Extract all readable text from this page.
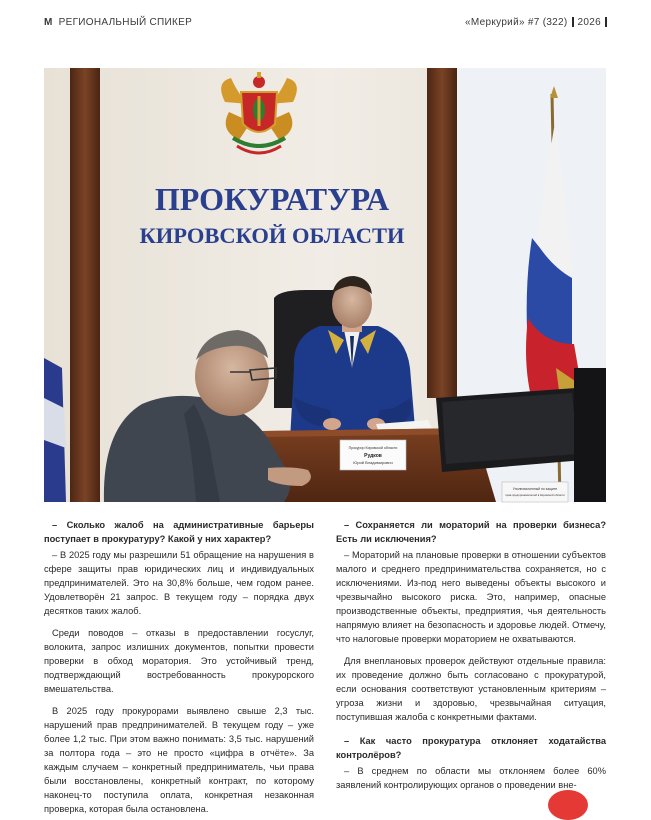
M РЕГИОНАЛЬНЫЙ СПИКЕР	«Меркурий» #7 (322) 2026
ПРОКУРАТУРА
КИРОВСКОЙ ОБЛАСТИ
Прокурор Кировской области
Рудков
Юрий Владимирович
Уполномоченный по защите
прав предпринимателей в Кировской области

– Сколько жалоб на административные барьеры поступает в прокуратуру? Какой у них характер?

– В 2025 году мы разрешили 51 обращение на нарушения в сфере защиты прав юридических лиц и индивидуальных предпринимателей. Это на 30,8% больше, чем годом ранее. Удовлетворён 21 запрос. В текущем году – порядка двух десятков таких жалоб.

Среди поводов – отказы в предоставлении госуслуг, волокита, запрос излишних документов, попытки провести проверки в обход моратория. Это устойчивый тренд, подтверждающий востребованность прокурорского вмешательства.

В 2025 году прокурорами выявлено свыше 2,3 тыс. нарушений прав предпринимателей. В текущем году – уже более 1,2 тыс. При этом важно понимать: 3,5 тыс. нарушений за полтора года – это не просто «цифра в отчёте». За каждым случаем – конкретный предприниматель, чьи права были восстановлены, конкретный контракт, по которому наконец-то поступила оплата, конкретная незаконная проверка, которая была остановлена.

– Сохраняется ли мораторий на проверки бизнеса? Есть ли исключения?

– Мораторий на плановые проверки в отношении субъектов малого и среднего предпринимательства сохраняется, но с исключениями. Из-под него выведены объекты высокого и чрезвычайно высокого риска. Это, например, опасные производственные объекты, предприятия, чья деятельность напрямую влияет на безопасность и здоровье людей. Отмечу, что налоговые проверки мораторием не охватываются.

Для внеплановых проверок действуют отдельные правила: их проведение должно быть согласовано с прокуратурой, если основания соответствуют установленным критериям – угроза жизни и здоровью, чрезвычайная ситуация, поступившая жалоба с конкретными фактами.

– Как часто прокуратура отклоняет ходатайства контролёров?

– В среднем по области мы отклоняем более 60% заявлений контролирующих органов о проведении вне-
